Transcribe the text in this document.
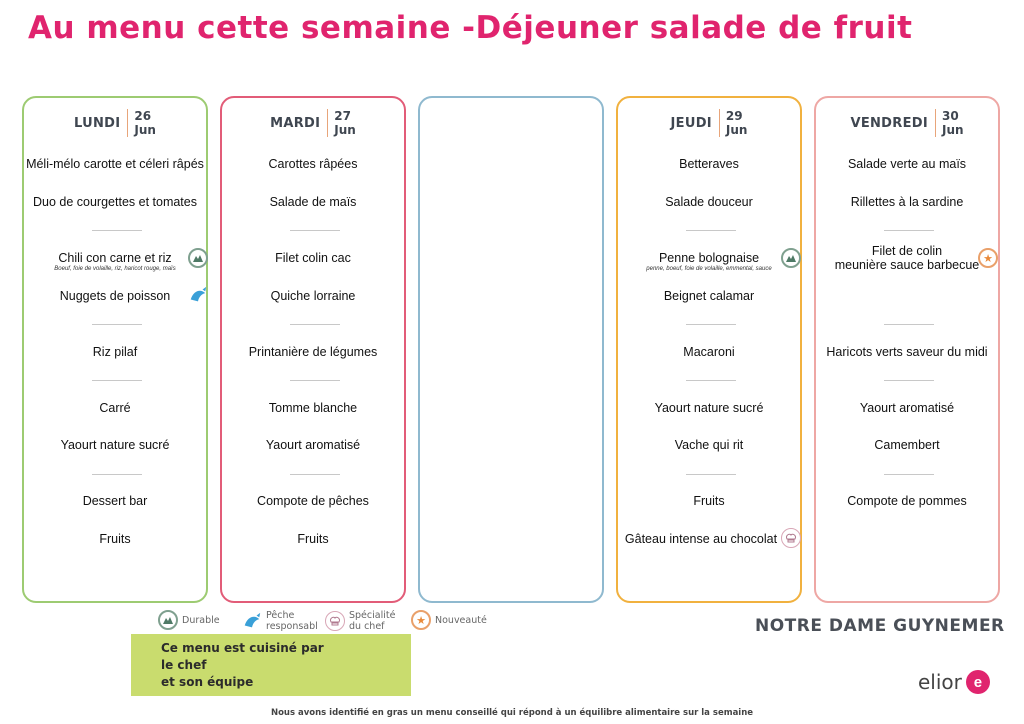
Au menu cette semaine -Déjeuner salade de fruit
LUNDI	26
Jun
Méli-mélo carotte et céleri râpés
Duo de courgettes et tomates
Chili con carne et riz
Boeuf, foie de volaille, riz, haricot rouge, maïs
Nuggets de poisson
Riz pilaf
Carré
Yaourt nature sucré
Dessert bar
Fruits
MARDI	27
Jun
Carottes râpées
Salade de maïs
Filet colin cac
Quiche lorraine
Printanière de légumes
Tomme blanche
Yaourt aromatisé
Compote de pêches
Fruits
JEUDI	29
Jun
Betteraves
Salade douceur
Penne bolognaise
penne, boeuf, foie de volaille, emmental, sauce
Beignet calamar
Macaroni
Yaourt nature sucré
Vache qui rit
Fruits
Gâteau intense au chocolat
VENDREDI	30
Jun
Salade verte au maïs
Rillettes à la sardine
Filet de colin
meunière sauce barbecue ★
Haricots verts saveur du midi
Yaourt aromatisé
Camembert
Compote de pommes
Durable	Pêche
responsabl
Spécialité
du chef	★ Nouveauté
Ce menu est cuisiné par
le chef
et son équipe
NOTRE DAME GUYNEMER
elior e
Nous avons identifié en gras un menu conseillé qui répond à un équilibre alimentaire sur la semaine
